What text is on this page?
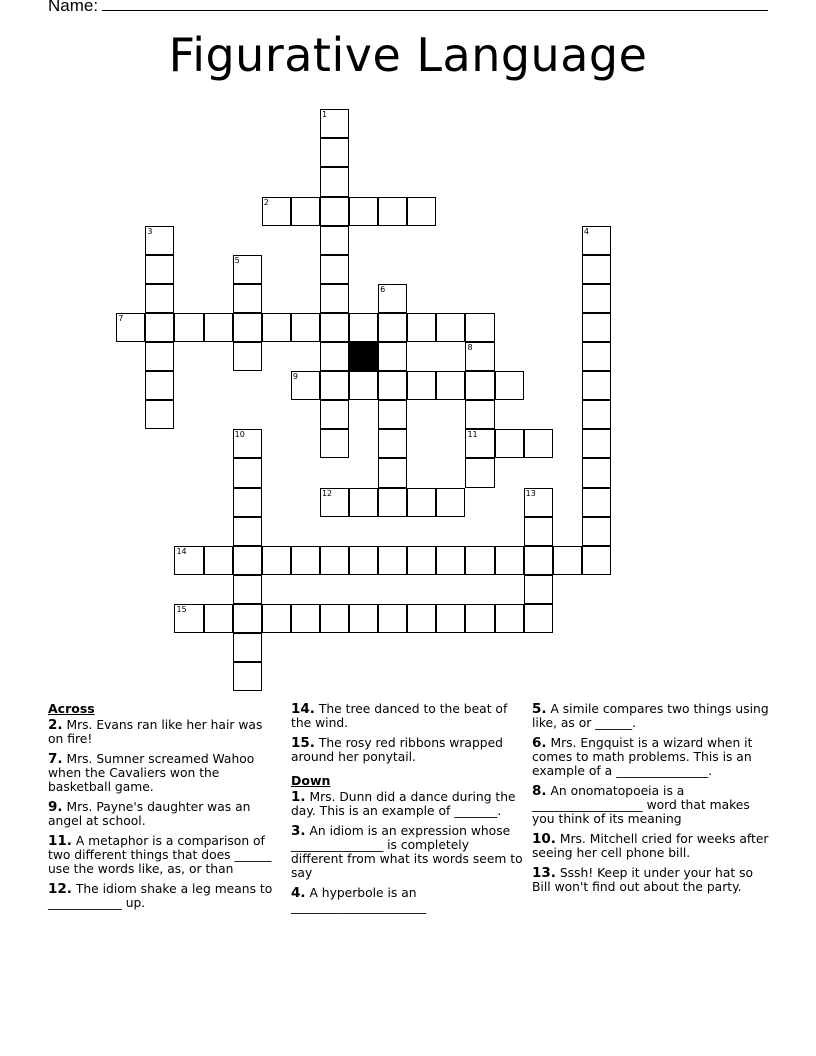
Name:
Figurative Language
1
2
3	4
5
6
7
8
11
9
10
12	13
14
15
Across
2. Mrs. Evans ran like her hair was on fire!
7. Mrs. Sumner screamed Wahoo when the Cavaliers won the basketball game.
9. Mrs. Payne's daughter was an angel at school.
11. A metaphor is a comparison of two different things that does ______ use the words like, as, or than
12. The idiom shake a leg means to ____________ up.
14. The tree danced to the beat of the wind.
15. The rosy red ribbons wrapped around her ponytail.
Down
1. Mrs. Dunn did a dance during the day. This is an example of _______.
3. An idiom is an expression whose _______________ is completely different from what its words seem to say
4. A hyperbole is an ______________________
5. A simile compares two things using like, as or ______.
6. Mrs. Engquist is a wizard when it comes to math problems. This is an example of a _______________.
8. An onomatopoeia is a __________________ word that makes you think of its meaning
10. Mrs. Mitchell cried for weeks after seeing her cell phone bill.
13. Sssh! Keep it under your hat so Bill won't find out about the party.
